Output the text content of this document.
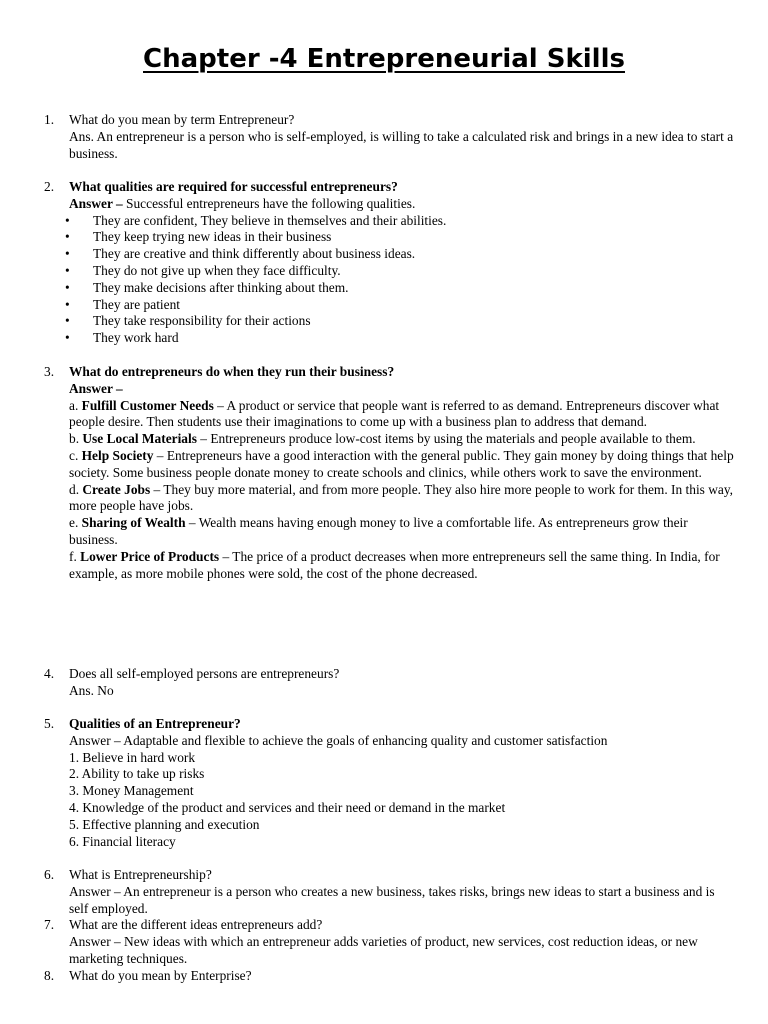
Chapter -4 Entrepreneurial Skills
1. What do you mean by term Entrepreneur?
Ans. An entrepreneur is a person who is self-employed, is willing to take a calculated risk and brings in a new idea to start a business.
2. What qualities are required for successful entrepreneurs?
Answer – Successful entrepreneurs have the following qualities.
• They are confident, They believe in themselves and their abilities.
• They keep trying new ideas in their business
• They are creative and think differently about business ideas.
• They do not give up when they face difficulty.
• They make decisions after thinking about them.
• They are patient
• They take responsibility for their actions
• They work hard
3. What do entrepreneurs do when they run their business?
Answer –
a. Fulfill Customer Needs – A product or service that people want is referred to as demand. Entrepreneurs discover what people desire. Then students use their imaginations to come up with a business plan to address that demand.
b. Use Local Materials – Entrepreneurs produce low-cost items by using the materials and people available to them.
c. Help Society – Entrepreneurs have a good interaction with the general public. They gain money by doing things that help society. Some business people donate money to create schools and clinics, while others work to save the environment.
d. Create Jobs – They buy more material, and from more people. They also hire more people to work for them. In this way, more people have jobs.
e. Sharing of Wealth – Wealth means having enough money to live a comfortable life. As entrepreneurs grow their business.
f. Lower Price of Products – The price of a product decreases when more entrepreneurs sell the same thing. In India, for example, as more mobile phones were sold, the cost of the phone decreased.
4. Does all self-employed persons are entrepreneurs?
Ans. No
5. Qualities of an Entrepreneur?
Answer – Adaptable and flexible to achieve the goals of enhancing quality and customer satisfaction
1. Believe in hard work
2. Ability to take up risks
3. Money Management
4. Knowledge of the product and services and their need or demand in the market
5. Effective planning and execution
6. Financial literacy
6. What is Entrepreneurship?
Answer – An entrepreneur is a person who creates a new business, takes risks, brings new ideas to start a business and is self employed.
7. What are the different ideas entrepreneurs add?
Answer – New ideas with which an entrepreneur adds varieties of product, new services, cost reduction ideas, or new marketing techniques.
8. What do you mean by Enterprise?
